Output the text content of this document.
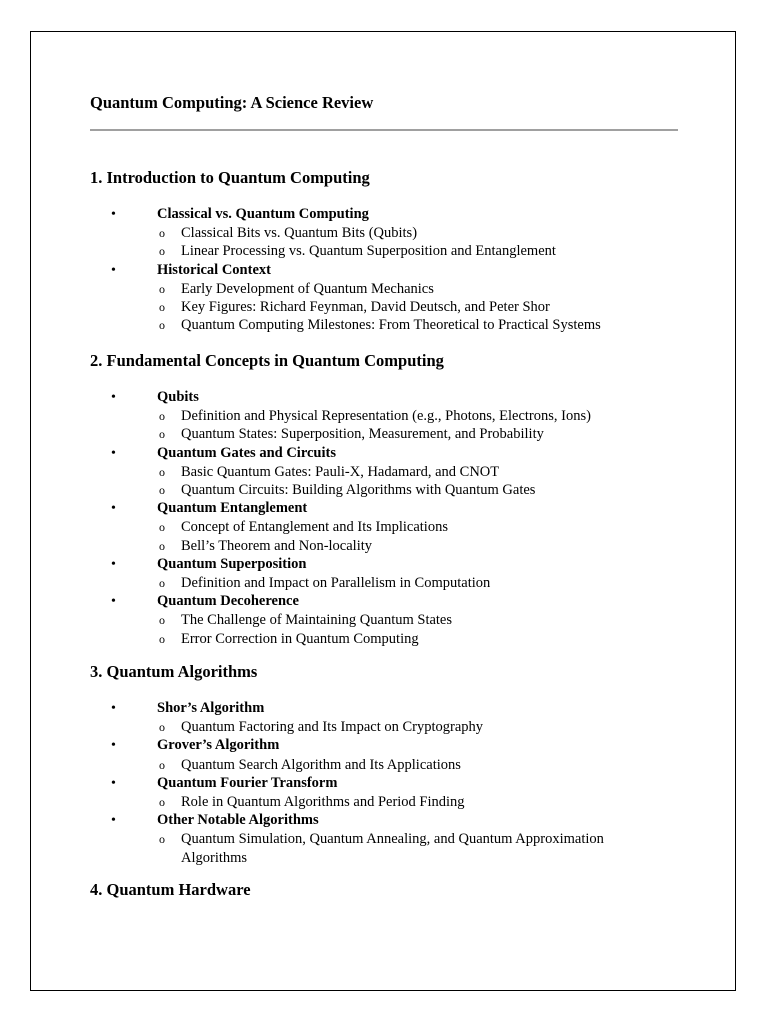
Quantum Computing: A Science Review
1. Introduction to Quantum Computing
•	Classical vs. Quantum Computing
o	Classical Bits vs. Quantum Bits (Qubits)
o	Linear Processing vs. Quantum Superposition and Entanglement
•	Historical Context
o	Early Development of Quantum Mechanics
o	Key Figures: Richard Feynman, David Deutsch, and Peter Shor
o	Quantum Computing Milestones: From Theoretical to Practical Systems
2. Fundamental Concepts in Quantum Computing
•	Qubits
o	Definition and Physical Representation (e.g., Photons, Electrons, Ions)
o	Quantum States: Superposition, Measurement, and Probability
•	Quantum Gates and Circuits
o	Basic Quantum Gates: Pauli-X, Hadamard, and CNOT
o	Quantum Circuits: Building Algorithms with Quantum Gates
•	Quantum Entanglement
o	Concept of Entanglement and Its Implications
o	Bell’s Theorem and Non-locality
•	Quantum Superposition
o	Definition and Impact on Parallelism in Computation
•	Quantum Decoherence
o	The Challenge of Maintaining Quantum States
o	Error Correction in Quantum Computing
3. Quantum Algorithms
•	Shor’s Algorithm
o	Quantum Factoring and Its Impact on Cryptography
•	Grover’s Algorithm
o	Quantum Search Algorithm and Its Applications
•	Quantum Fourier Transform
o	Role in Quantum Algorithms and Period Finding
•	Other Notable Algorithms
o	Quantum Simulation, Quantum Annealing, and Quantum Approximation Algorithms
4. Quantum Hardware
